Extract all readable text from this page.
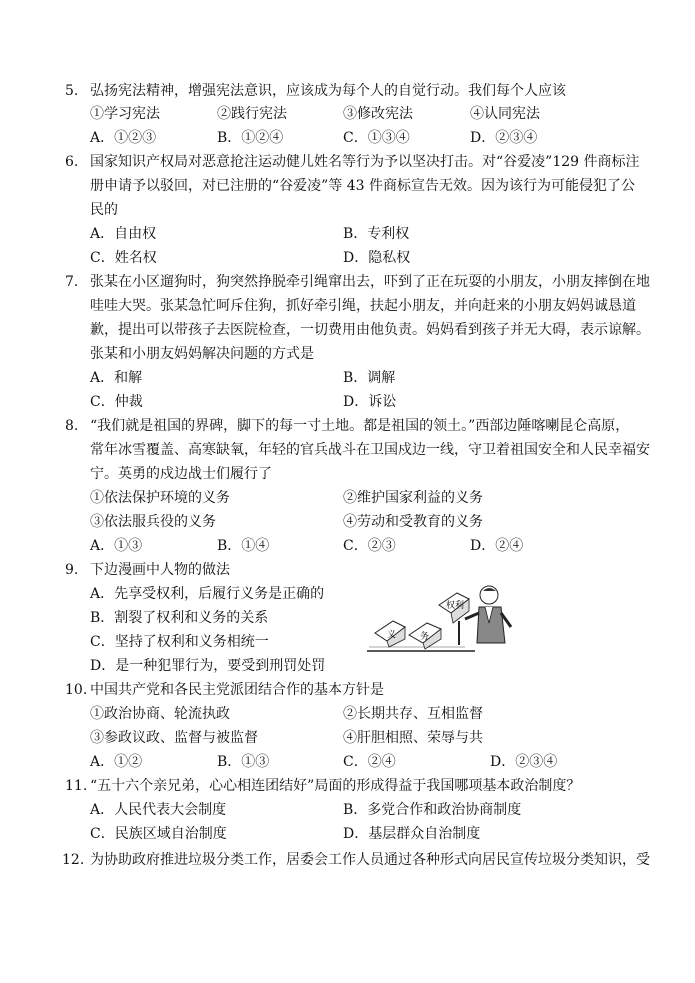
5. 弘扬宪法精神，增强宪法意识，应该成为每个人的自觉行动。我们每个人应该
①学习宪法	②践行宪法	③修改宪法	④认同宪法
A．①②③	B．①②④	C．①③④	D．②③④
6. 国家知识产权局对恶意抢注运动健儿姓名等行为予以坚决打击。对“谷爱凌”129 件商标注
册申请予以驳回，对已注册的“谷爱凌”等 43 件商标宣告无效。因为该行为可能侵犯了公
民的
A．自由权	B．专利权
C．姓名权	D．隐私权
7. 张某在小区遛狗时，狗突然挣脱牵引绳窜出去，吓到了正在玩耍的小朋友，小朋友摔倒在地
哇哇大哭。张某急忙呵斥住狗，抓好牵引绳，扶起小朋友，并向赶来的小朋友妈妈诚恳道
歉，提出可以带孩子去医院检查，一切费用由他负责。妈妈看到孩子并无大碍，表示谅解。
张某和小朋友妈妈解决问题的方式是
A．和解	B．调解
C．仲裁	D．诉讼
8. “我们就是祖国的界碑，脚下的每一寸土地。都是祖国的领土。”西部边陲喀喇昆仑高原，
常年冰雪覆盖、高寒缺氧，年轻的官兵战斗在卫国戍边一线，守卫着祖国安全和人民幸福安
宁。英勇的戍边战士们履行了
①依法保护环境的义务	②维护国家利益的义务
③依法服兵役的义务	④劳动和受教育的义务
A．①③	B．①④	C．②③	D．②④
9. 下边漫画中人物的做法
A．先享受权利，后履行义务是正确的
B．割裂了权利和义务的关系
C．坚持了权利和义务相统一
D．是一种犯罪行为，要受到刑罚处罚
义	务
权利
10. 中国共产党和各民主党派团结合作的基本方针是
①政治协商、轮流执政	②长期共存、互相监督
③参政议政、监督与被监督	④肝胆相照、荣辱与共
A．①②	B．①③	C．②④	D．②③④
11. “五十六个亲兄弟，心心相连团结好”局面的形成得益于我国哪项基本政治制度？
A．人民代表大会制度	B．多党合作和政治协商制度
C．民族区域自治制度	D．基层群众自治制度
12. 为协助政府推进垃圾分类工作，居委会工作人员通过各种形式向居民宣传垃圾分类知识，受
